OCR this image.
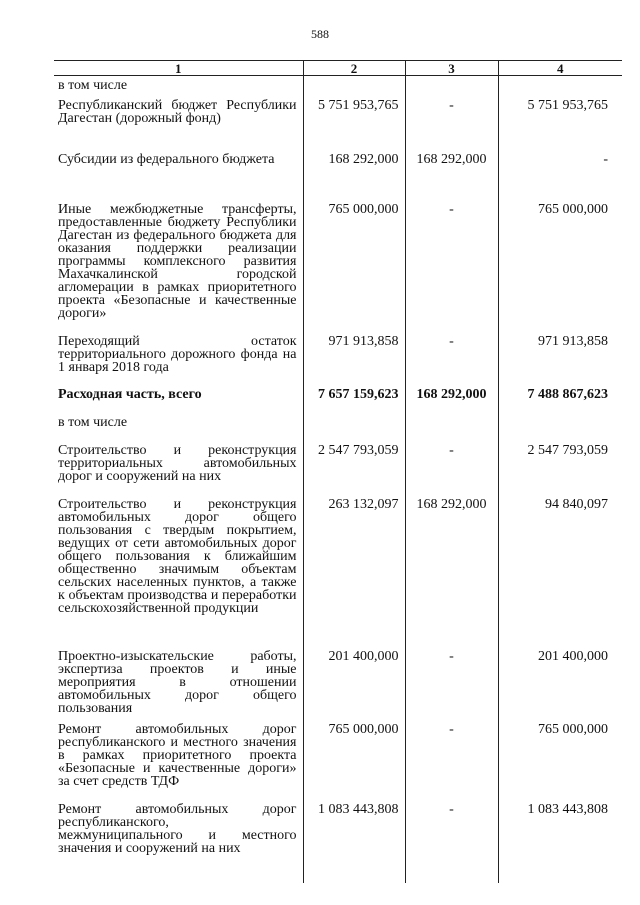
588
1	2	3	4
в том числе			
Республиканский бюджет Республики Дагестан (дорожный фонд)	5 751 953,765	-	5 751 953,765
Субсидии из федерального бюджета	168 292,000	168 292,000	-
Иные межбюджетные трансферты, предоставленные бюджету Республики Дагестан из федерального бюджета для оказания поддержки реализации программы комплексного развития Махачкалинской городской агломерации в рамках приоритетного проекта «Безопасные и качественные дороги»	765 000,000	-	765 000,000
Переходящий остаток территориального дорожного фонда на 1 января 2018 года	971 913,858	-	971 913,858
Расходная часть, всего	7 657 159,623	168 292,000	7 488 867,623
в том числе			
Строительство и реконструкция территориальных автомобильных дорог и сооружений на них	2 547 793,059	-	2 547 793,059
Строительство и реконструкция автомобильных дорог общего пользования с твердым покрытием, ведущих от сети автомобильных дорог общего пользования к ближайшим общественно значимым объектам сельских населенных пунктов, а также к объектам производства и переработки сельскохозяйственной продукции	263 132,097	168 292,000	94 840,097
Проектно-изыскательские работы, экспертиза проектов и иные мероприятия в отношении автомобильных дорог общего пользования	201 400,000	-	201 400,000
Ремонт автомобильных дорог республиканского и местного значения в рамках приоритетного проекта «Безопасные и качественные дороги» за счет средств ТДФ	765 000,000	-	765 000,000
Ремонт автомобильных дорог республиканского, межмуниципального и местного значения и сооружений на них	1 083 443,808	-	1 083 443,808
